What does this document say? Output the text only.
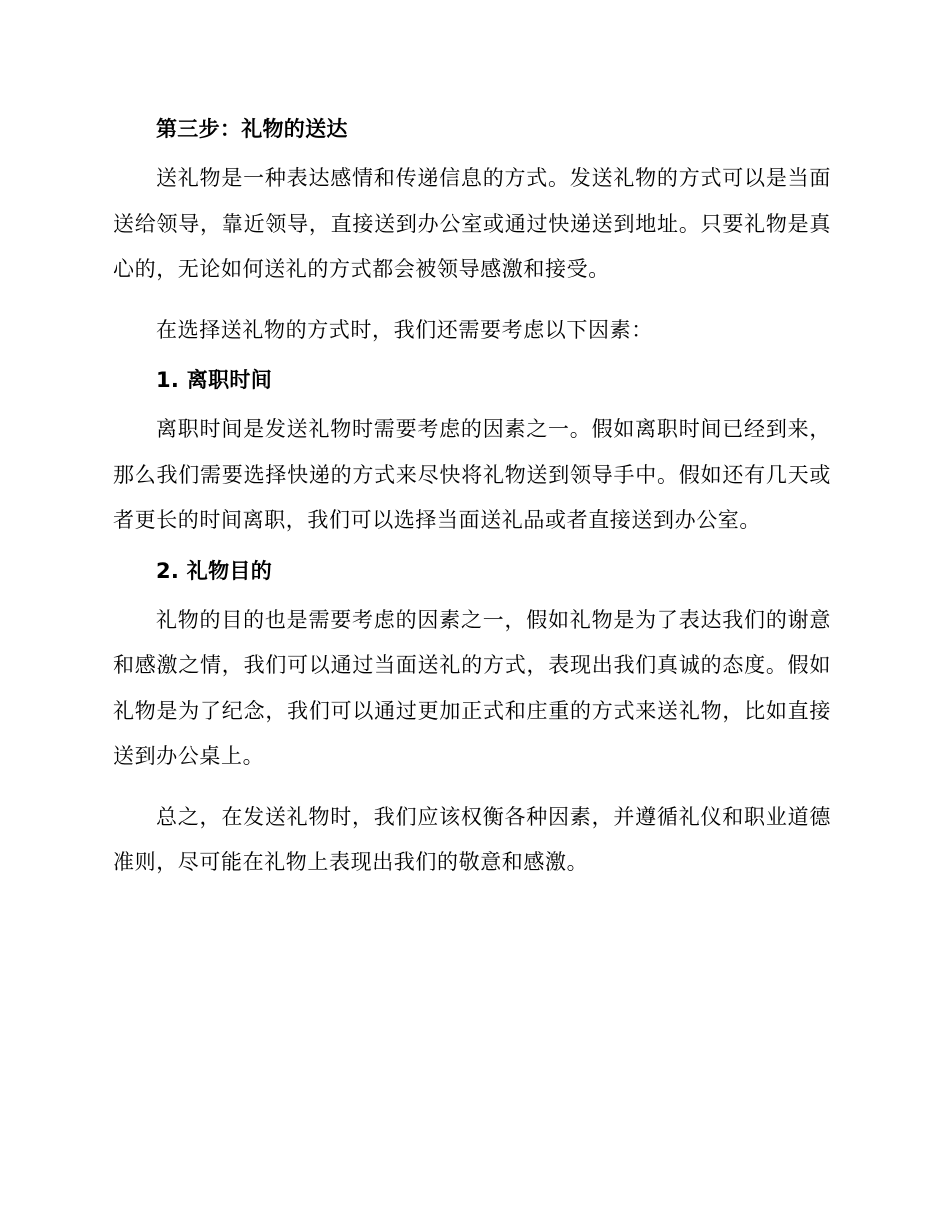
第三步：礼物的送达

送礼物是一种表达感情和传递信息的方式。发送礼物的方式可以是当面送给领导，靠近领导，直接送到办公室或通过快递送到地址。只要礼物是真心的，无论如何送礼的方式都会被领导感激和接受。

在选择送礼物的方式时，我们还需要考虑以下因素：

1. 离职时间

离职时间是发送礼物时需要考虑的因素之一。假如离职时间已经到来，那么我们需要选择快递的方式来尽快将礼物送到领导手中。假如还有几天或者更长的时间离职，我们可以选择当面送礼品或者直接送到办公室。

2. 礼物目的

礼物的目的也是需要考虑的因素之一，假如礼物是为了表达我们的谢意和感激之情，我们可以通过当面送礼的方式，表现出我们真诚的态度。假如礼物是为了纪念，我们可以通过更加正式和庄重的方式来送礼物，比如直接送到办公桌上。

总之，在发送礼物时，我们应该权衡各种因素，并遵循礼仪和职业道德准则，尽可能在礼物上表现出我们的敬意和感激。
